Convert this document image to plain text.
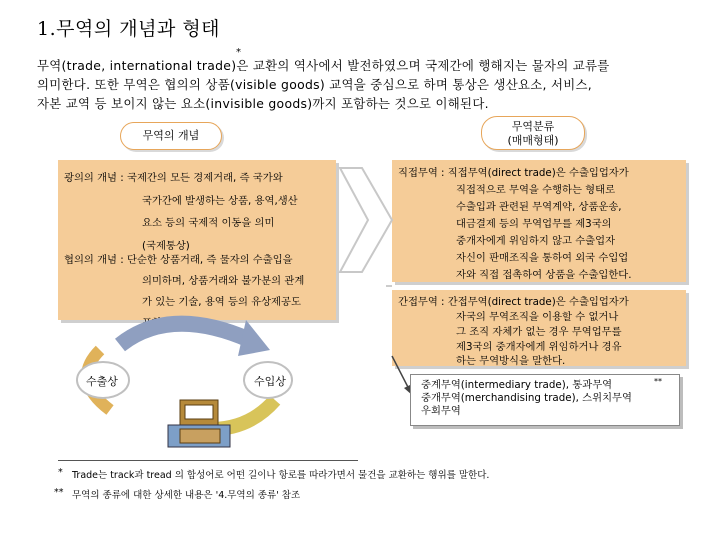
1.무역의 개념과 형태
*
무역(trade, international trade)은 교환의 역사에서 발전하였으며 국제간에 행해지는 물자의 교류를
의미한다. 또한 무역은 협의의 상품(visible goods) 교역을 중심으로 하며 통상은 생산요소, 서비스,
자본 교역 등 보이지 않는 요소(invisible goods)까지 포함하는 것으로 이해된다.
무역의 개념
무역분류
(매매형태)
광의의 개념 : 국제간의 모든 경제거래, 즉 국가와
국가간에 발생하는 상품, 용역,생산
요소 등의 국제적 이동을 의미
(국제통상)
협의의 개념 : 단순한 상품거래, 즉 물자의 수출입을
의미하며, 상품거래와 불가분의 관계
가 있는 기술, 용역 등의 유상제공도
포함.
직접무역 : 직접무역(direct trade)은 수출입업자가
직접적으로 무역을 수행하는 형태로
수출입과 관련된 무역계약, 상품운송,
대금결제 등의 무역업무를 제3국의
중개자에게 위임하지 않고 수출업자
자신이 판매조직을 통하여 외국 수입업
자와 직접 접촉하여 상품을 수출입한다.
간접무역 : 간접무역(direct trade)은 수출입업자가
자국의 무역조직을 이용할 수 없거나
그 조직 자체가 없는 경우 무역업무를
제3국의 중개자에게 위임하거나 경유
하는 무역방식을 말한다.
수출상	수입상	중계무역(intermediary trade), 통과무역
중개무역(merchandising trade), 스위치무역
우회무역
**
* Trade는 track과 tread 의 합성어로 어떤 길이나 항로를 따라가면서 물건을 교환하는 행위를 말한다.
** 무역의 종류에 대한 상세한 내용은 '4.무역의 종류' 참조
